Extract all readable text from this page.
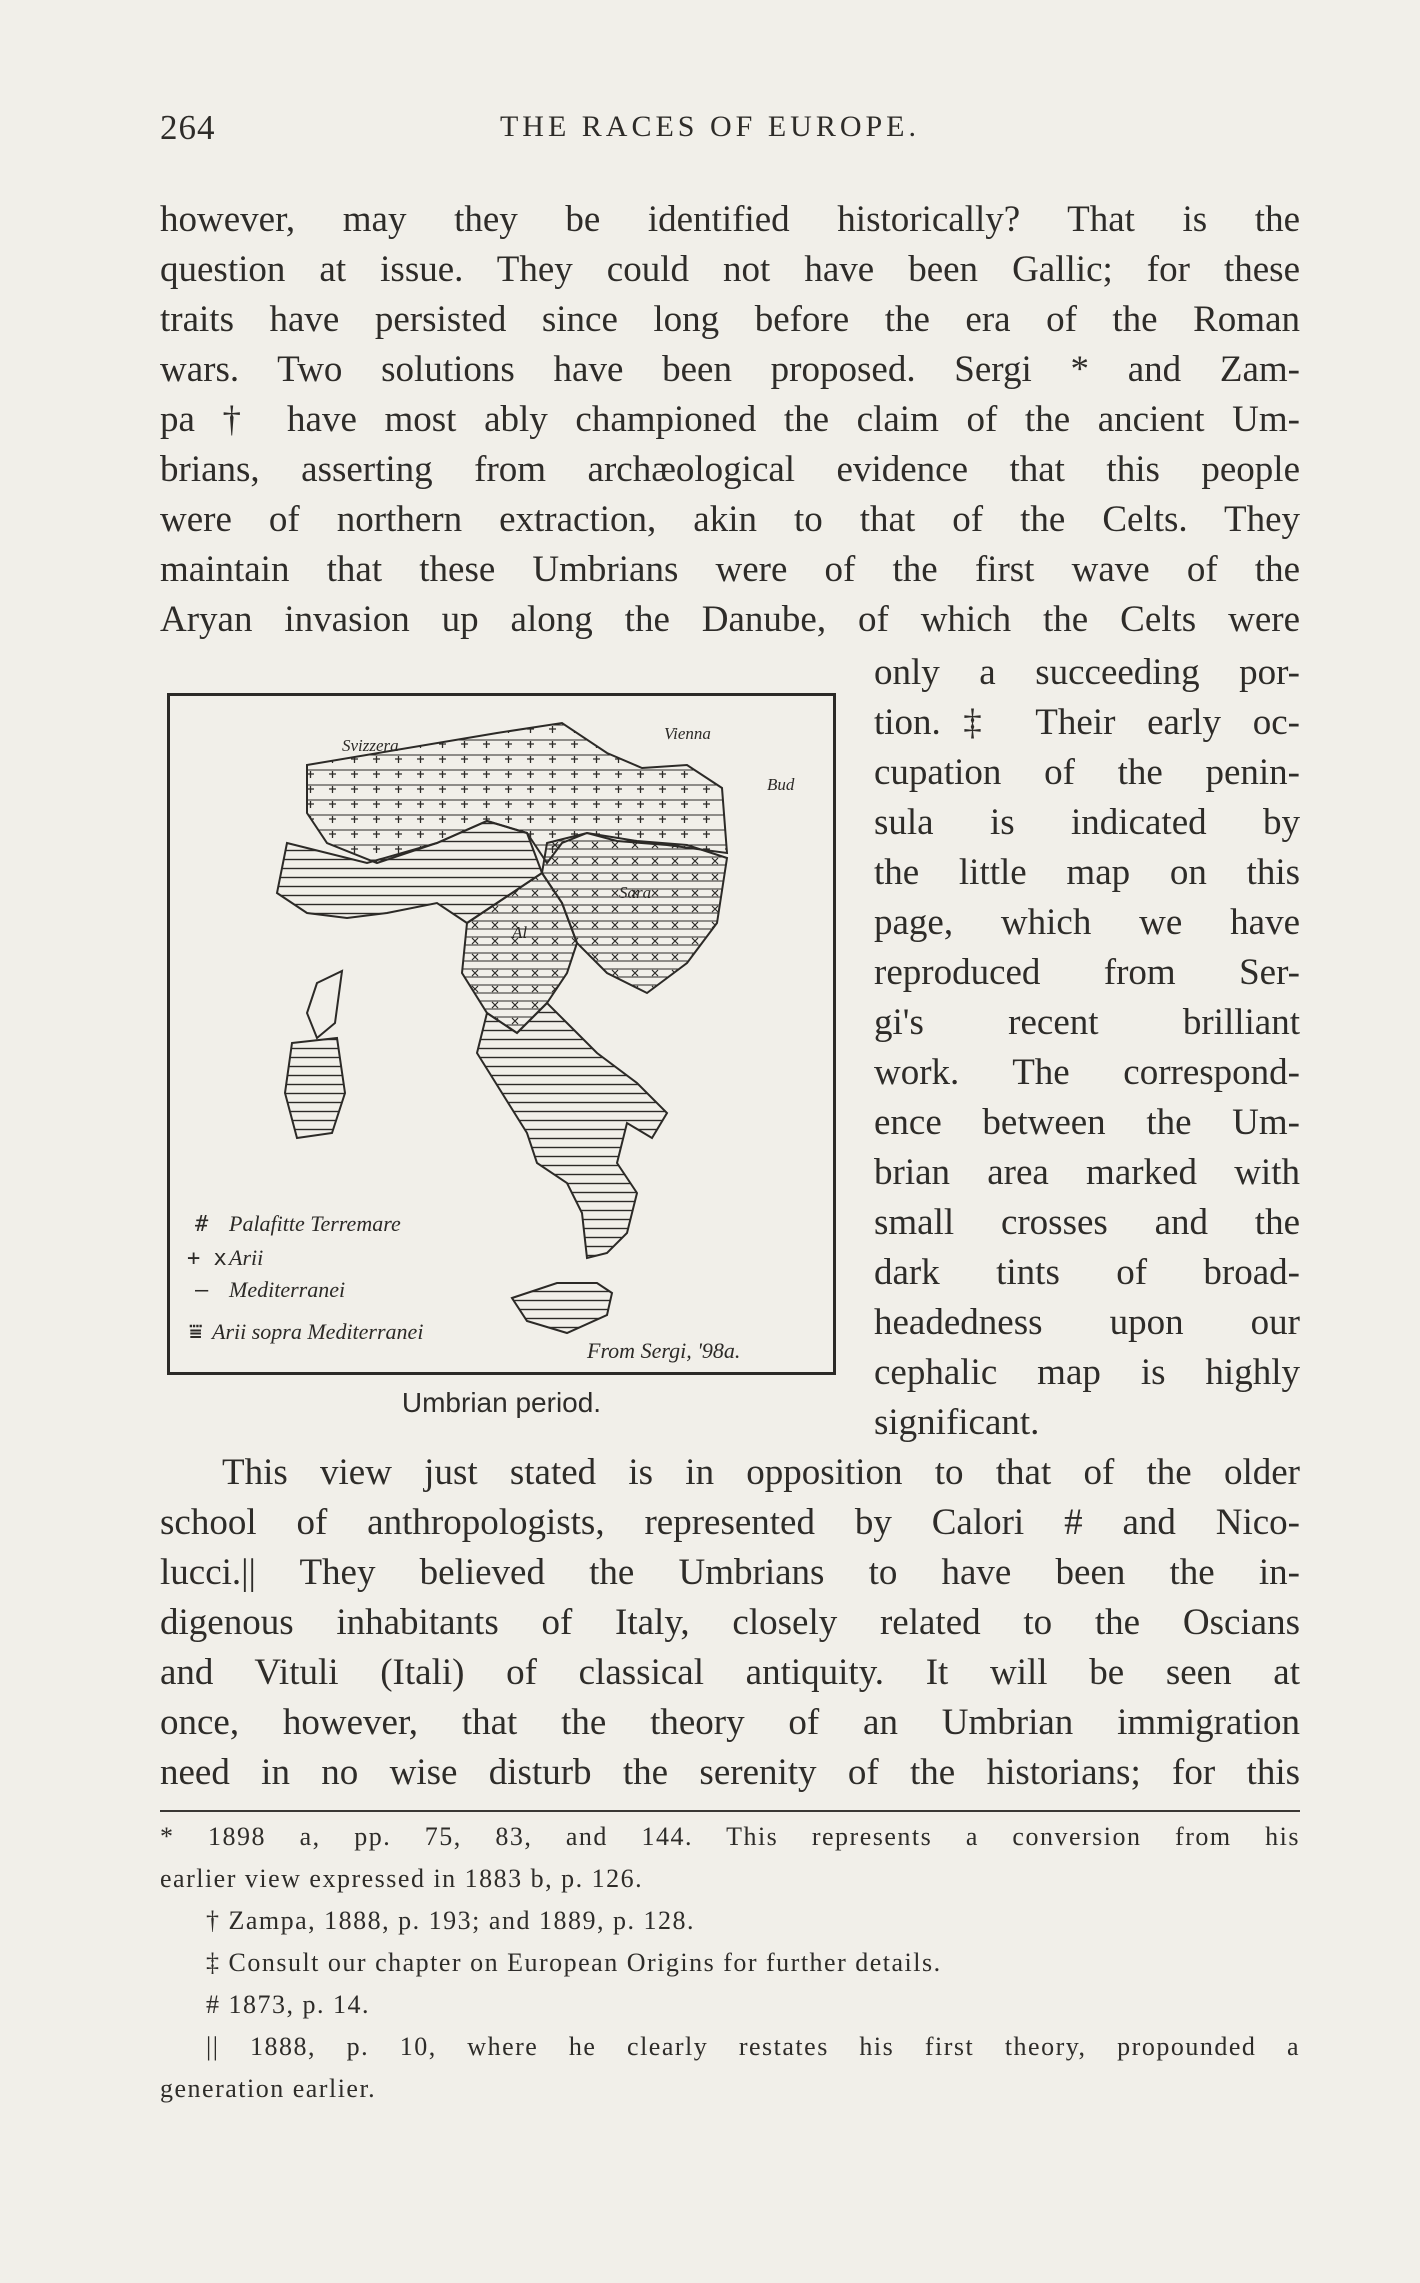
264	THE RACES OF EUROPE.
however, may they be identified historically? That is the
question at issue. They could not have been Gallic; for these
traits have persisted since long before the era of the Roman
wars. Two solutions have been proposed. Sergi * and Zam-
pa † have most ably championed the claim of the ancient Um-
brians, asserting from archæological evidence that this people
were of northern extraction, akin to that of the Celts. They
maintain that these Umbrians were of the first wave of the
Aryan invasion up along the Danube, of which the Celts were
only a succeeding por-
tion.‡ Their early oc-
cupation of the penin-
sula is indicated by
the little map on this
page, which we have
reproduced from Ser-
gi's recent brilliant
work. The correspond-
ence between the Um-
brian area marked with
small crosses and the
dark tints of broad-
headedness upon our
cephalic map is highly
significant.
This view just stated is in opposition to that of the older
school of anthropologists, represented by Calori # and Nico-
lucci.|| They believed the Umbrians to have been the in-
digenous inhabitants of Italy, closely related to the Oscians
and Vituli (Itali) of classical antiquity. It will be seen at
once, however, that the theory of an Umbrian immigration
need in no wise disturb the serenity of the historians; for this
Vienna
Bud
Svizzera
Sara
Al
# Palafitte Terremare
+ x Arii
— Mediterranei
⩸ Arii sopra Mediterranei
From Sergi, '98a.
Umbrian period.
* 1898 a, pp. 75, 83, and 144. This represents a conversion from his
earlier view expressed in 1883 b, p. 126.
† Zampa, 1888, p. 193; and 1889, p. 128.
‡ Consult our chapter on European Origins for further details.
# 1873, p. 14.
|| 1888, p. 10, where he clearly restates his first theory, propounded a
generation earlier.
